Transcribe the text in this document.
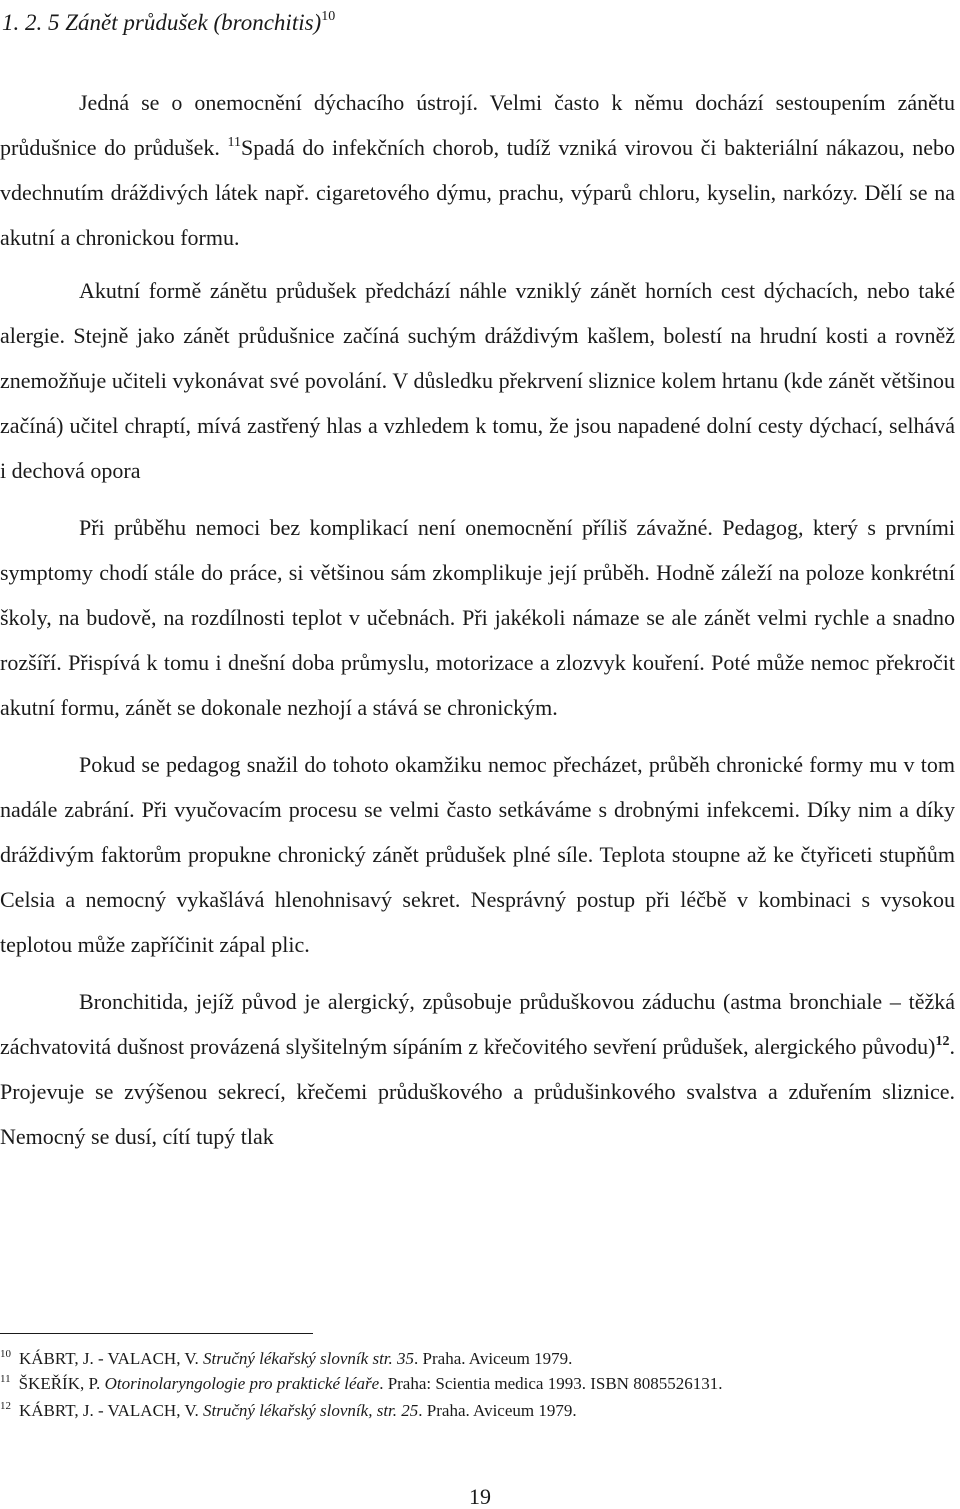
1. 2. 5 Zánět průdušek (bronchitis)$^{10}$

Jedná se o onemocnění dýchacího ústrojí. Velmi často k němu dochází sestoupením zánětu průdušnice do průdušek. $^{11}$Spadá do infekčních chorob, tudíž vzniká virovou či bakteriální nákazou, nebo vdechnutím dráždivých látek např. cigaretového dýmu, prachu, výparů chloru, kyselin, narkózy. Dělí se na akutní a chronickou formu.

Akutní formě zánětu průdušek předchází náhle vzniklý zánět horních cest dýchacích, nebo také alergie. Stejně jako zánět průdušnice začíná suchým dráždivým kašlem, bolestí na hrudní kosti a rovněž znemožňuje učiteli vykonávat své povolání. V důsledku překrvení sliznice kolem hrtanu (kde zánět většinou začíná) učitel chraptí, mívá zastřený hlas a vzhledem k tomu, že jsou napadené dolní cesty dýchací, selhává i dechová opora

Při průběhu nemoci bez komplikací není onemocnění příliš závažné. Pedagog, který s prvními symptomy chodí stále do práce, si většinou sám zkomplikuje její průběh. Hodně záleží na poloze konkrétní školy, na budově, na rozdílnosti teplot v učebnách. Při jakékoli námaze se ale zánět velmi rychle a snadno rozšíří. Přispívá k tomu i dnešní doba průmyslu, motorizace a zlozvyk kouření. Poté může nemoc překročit akutní formu, zánět se dokonale nezhojí a stává se chronickým.

Pokud se pedagog snažil do tohoto okamžiku nemoc přecházet, průběh chronické formy mu v tom nadále zabrání. Při vyučovacím procesu se velmi často setkáváme s drobnými infekcemi. Díky nim a díky dráždivým faktorům propukne chronický zánět průdušek plné síle. Teplota stoupne až ke čtyřiceti stupňům Celsia a nemocný vykašlává hlenohnisavý sekret. Nesprávný postup při léčbě v kombinaci s vysokou teplotou může zapříčinit zápal plic.

Bronchitida, jejíž původ je alergický, způsobuje průduškovou záduchu (astma bronchiale – těžká záchvatovitá dušnost provázená slyšitelným sípáním z křečovitého sevření průdušek, alergického původu)$^{12}$. Projevuje se zvýšenou sekrecí, křečemi průduškového a průdušinkového svalstva a zduřením sliznice. Nemocný se dusí, cítí tupý tlak

$^{10}$ KÁBRT, J. - VALACH, V. Stručný lékařský slovník str. 35. Praha. Aviceum 1979.
$^{11}$ ŠKEŘÍK, P. Otorinolaryngologie pro praktické léaře. Praha: Scientia medica 1993. ISBN 8085526131.
$^{12}$ KÁBRT, J. - VALACH, V. Stručný lékařský slovník, str. 25. Praha. Aviceum 1979.
19
